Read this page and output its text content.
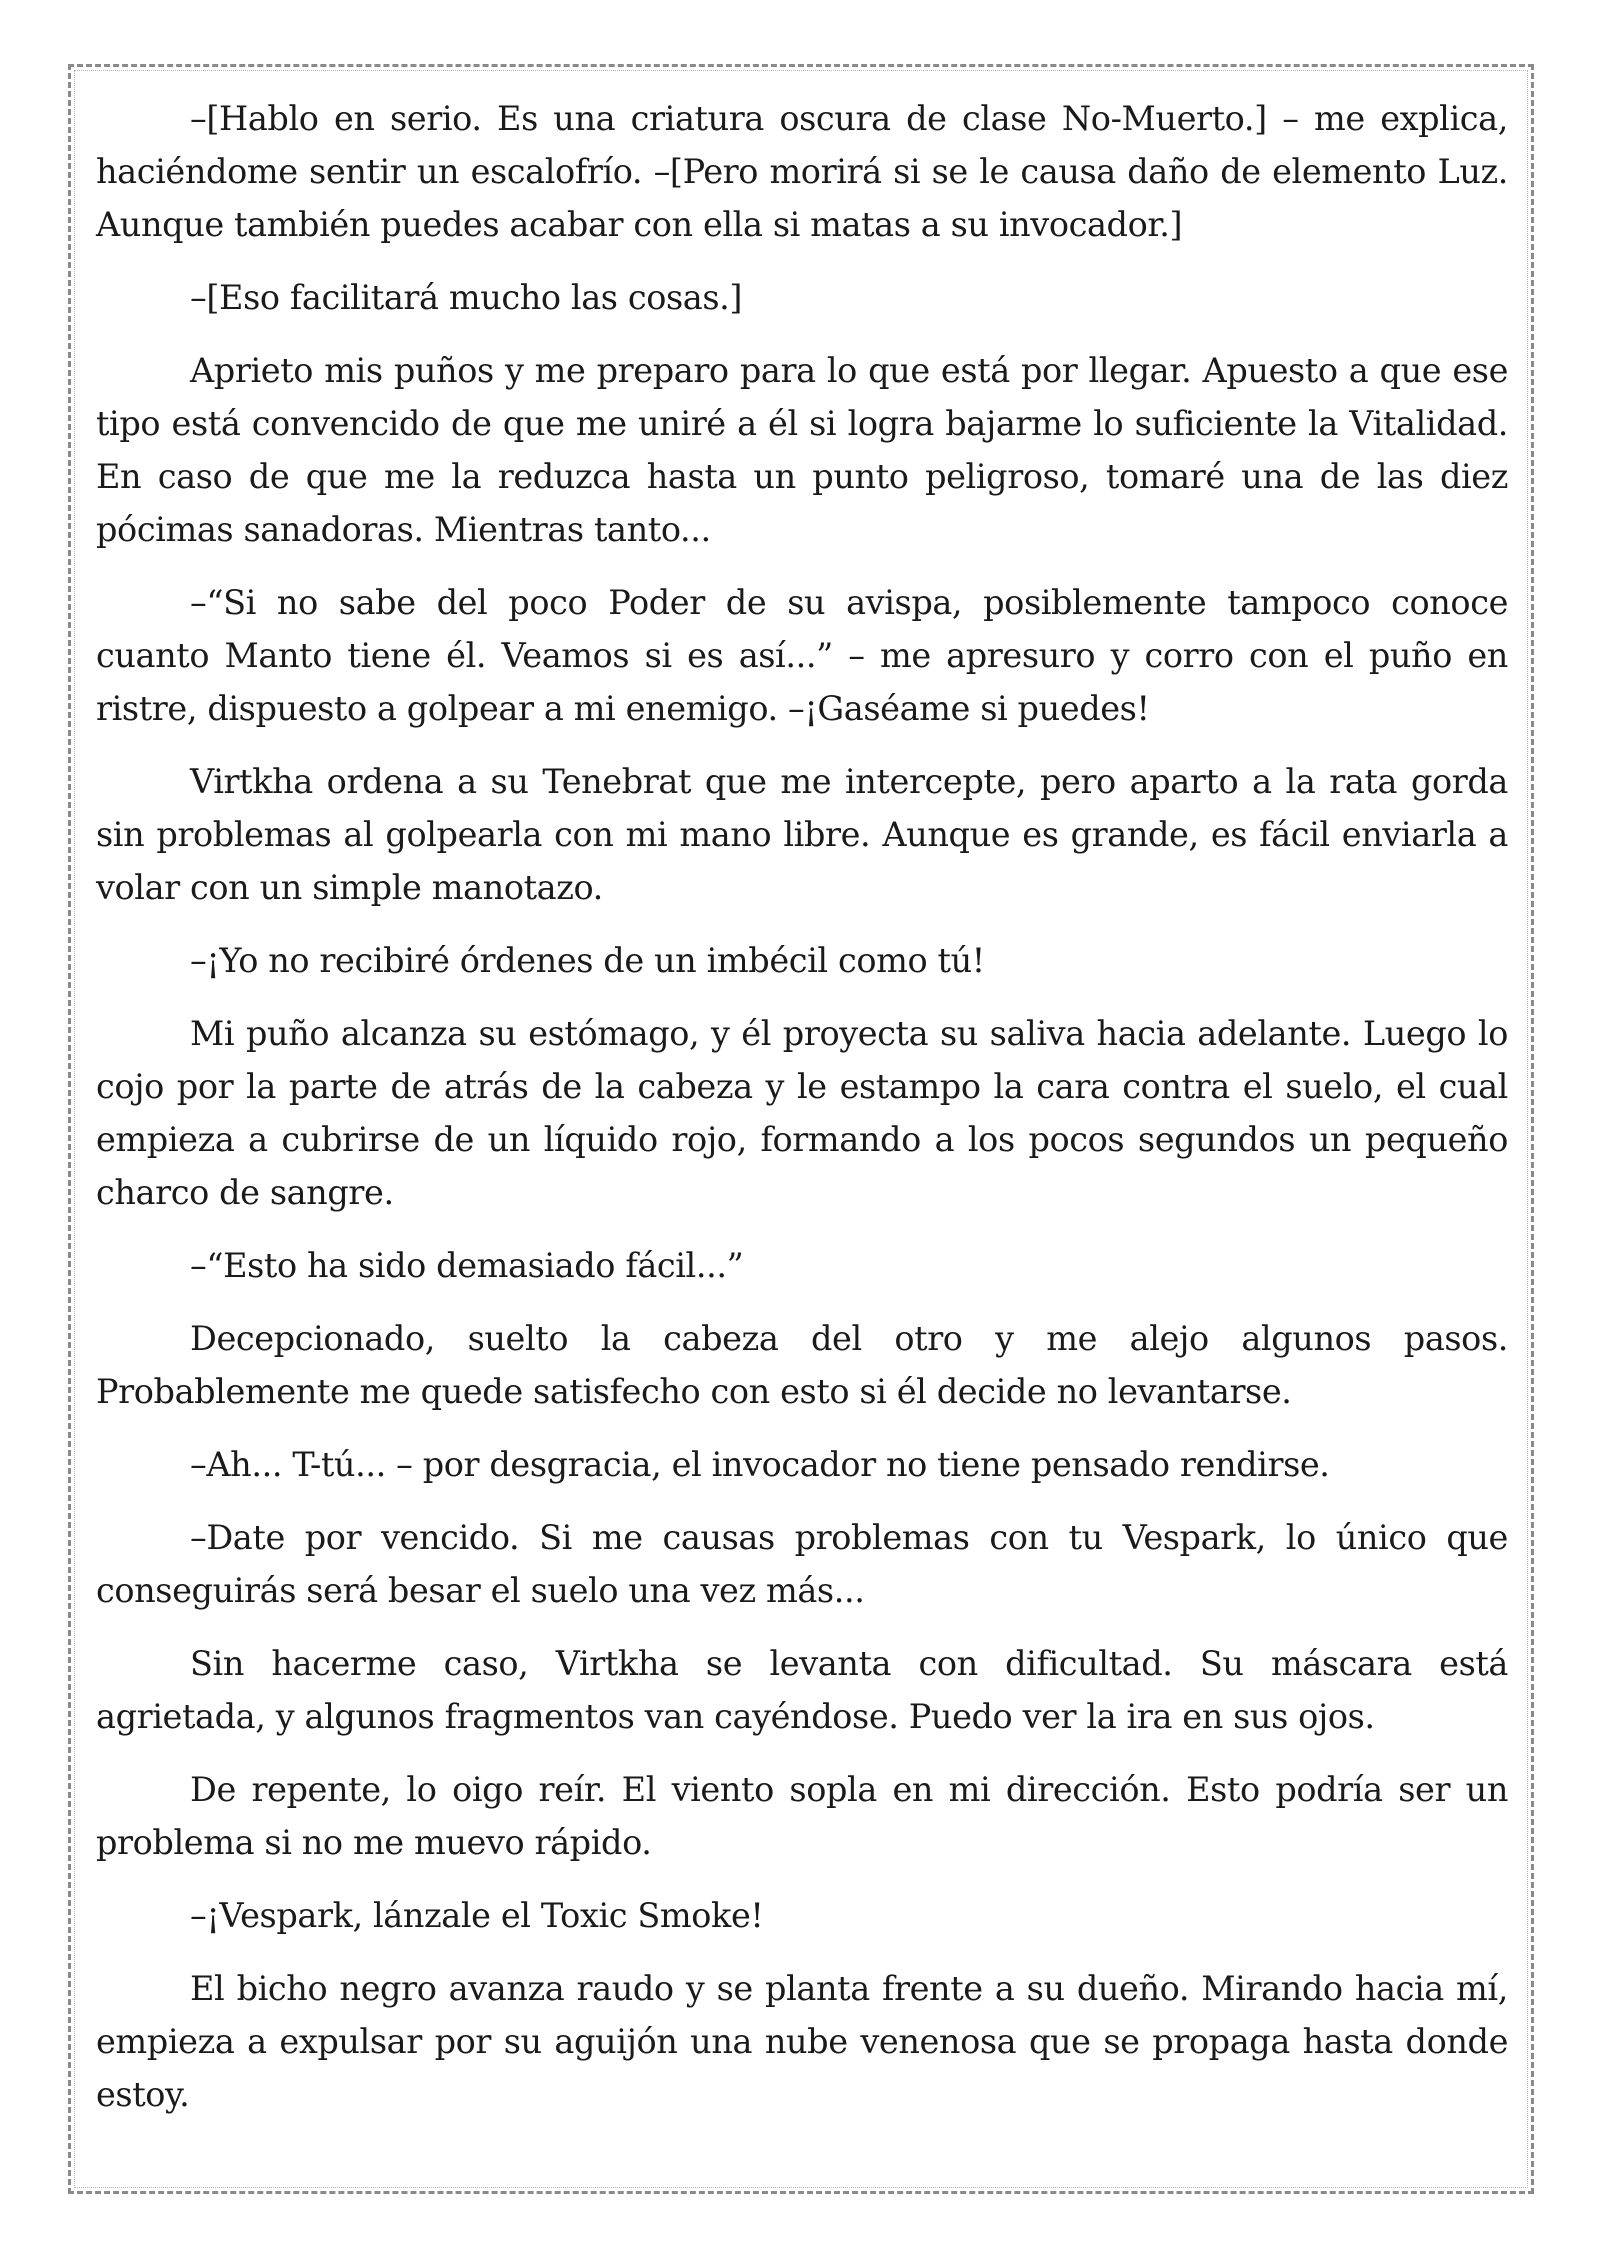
–[Hablo en serio. Es una criatura oscura de clase No-Muerto.] – me explica, haciéndome sentir un escalofrío. –[Pero morirá si se le causa daño de elemento Luz. Aunque también puedes acabar con ella si matas a su invocador.]

–[Eso facilitará mucho las cosas.]

Aprieto mis puños y me preparo para lo que está por llegar. Apuesto a que ese tipo está convencido de que me uniré a él si logra bajarme lo suficiente la Vitalidad. En caso de que me la reduzca hasta un punto peligroso, tomaré una de las diez pócimas sanadoras. Mientras tanto...

–“Si no sabe del poco Poder de su avispa, posiblemente tampoco conoce cuanto Manto tiene él. Veamos si es así...” – me apresuro y corro con el puño en ristre, dispuesto a golpear a mi enemigo. –¡Gaséame si puedes!

Virtkha ordena a su Tenebrat que me intercepte, pero aparto a la rata gorda sin problemas al golpearla con mi mano libre. Aunque es grande, es fácil enviarla a volar con un simple manotazo.

–¡Yo no recibiré órdenes de un imbécil como tú!

Mi puño alcanza su estómago, y él proyecta su saliva hacia adelante. Luego lo cojo por la parte de atrás de la cabeza y le estampo la cara contra el suelo, el cual empieza a cubrirse de un líquido rojo, formando a los pocos segundos un pequeño charco de sangre.

–“Esto ha sido demasiado fácil...”

Decepcionado, suelto la cabeza del otro y me alejo algunos pasos. Probablemente me quede satisfecho con esto si él decide no levantarse.

–Ah... T-tú... – por desgracia, el invocador no tiene pensado rendirse.

–Date por vencido. Si me causas problemas con tu Vespark, lo único que conseguirás será besar el suelo una vez más...

Sin hacerme caso, Virtkha se levanta con dificultad. Su máscara está agrietada, y algunos fragmentos van cayéndose. Puedo ver la ira en sus ojos.

De repente, lo oigo reír. El viento sopla en mi dirección. Esto podría ser un problema si no me muevo rápido.

–¡Vespark, lánzale el Toxic Smoke!

El bicho negro avanza raudo y se planta frente a su dueño. Mirando hacia mí, empieza a expulsar por su aguijón una nube venenosa que se propaga hasta donde estoy.
